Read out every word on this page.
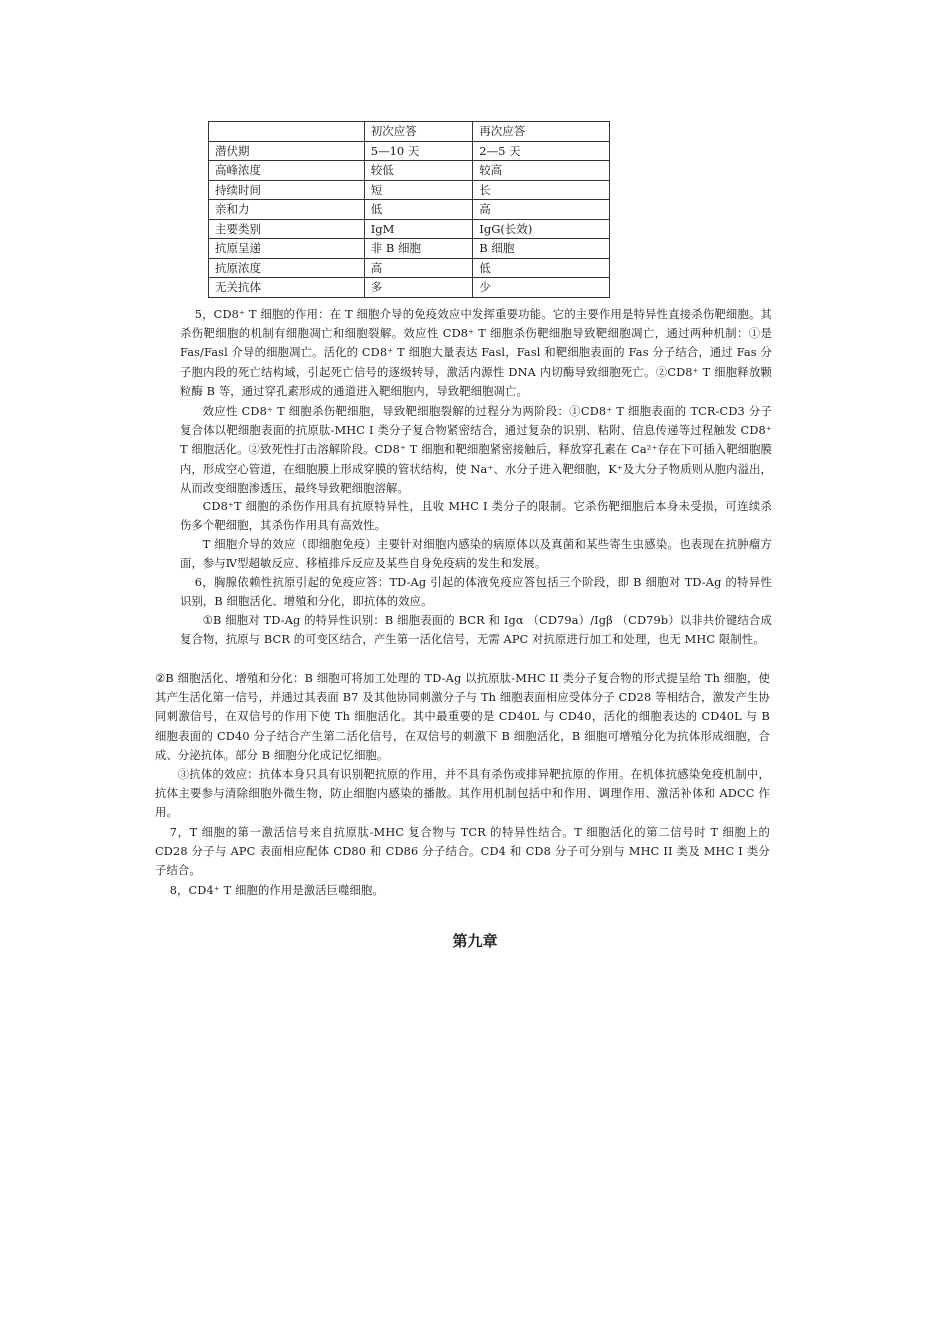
	初次应答	再次应答
潜伏期	5—10 天	2—5 天
高峰浓度	较低	较高
持续时间	短	长
亲和力	低	高
主要类别	IgM	IgG(长效)
抗原呈递	非 B 细胞	B 细胞
抗原浓度	高	低
无关抗体	多	少

5，CD8⁺ T 细胞的作用：在 T 细胞介导的免疫效应中发挥重要功能。它的主要作用是特异性直接杀伤靶细胞。其杀伤靶细胞的机制有细胞凋亡和细胞裂解。效应性 CD8⁺ T 细胞杀伤靶细胞导致靶细胞凋亡，通过两种机制：①是 Fas/Fasl 介导的细胞凋亡。活化的 CD8⁺ T 细胞大量表达 Fasl，Fasl 和靶细胞表面的 Fas 分子结合，通过 Fas 分子胞内段的死亡结构域，引起死亡信号的逐级转导，激活内源性 DNA 内切酶导致细胞死亡。②CD8⁺ T 细胞释放颗粒酶 B 等，通过穿孔素形成的通道进入靶细胞内，导致靶细胞凋亡。

效应性 CD8⁺ T 细胞杀伤靶细胞，导致靶细胞裂解的过程分为两阶段：①CD8⁺ T 细胞表面的 TCR-CD3 分子复合体以靶细胞表面的抗原肽-MHC I 类分子复合物紧密结合，通过复杂的识别、粘附、信息传递等过程触发 CD8⁺ T 细胞活化。②致死性打击溶解阶段。CD8⁺ T 细胞和靶细胞紧密接触后，释放穿孔素在 Ca²⁺存在下可插入靶细胞膜内，形成空心管道，在细胞膜上形成穿膜的管状结构，使 Na⁺、水分子进入靶细胞，K⁺及大分子物质则从胞内溢出，从而改变细胞渗透压，最终导致靶细胞溶解。

CD8⁺T 细胞的杀伤作用具有抗原特异性，且收 MHC I 类分子的限制。它杀伤靶细胞后本身未受损，可连续杀伤多个靶细胞，其杀伤作用具有高效性。

T 细胞介导的效应（即细胞免疫）主要针对细胞内感染的病原体以及真菌和某些寄生虫感染。也表现在抗肿瘤方面，参与Ⅳ型超敏反应、移植排斥反应及某些自身免疫病的发生和发展。

6，胸腺依赖性抗原引起的免疫应答：TD-Ag 引起的体液免疫应答包括三个阶段，即 B 细胞对 TD-Ag 的特异性识别，B 细胞活化、增殖和分化，即抗体的效应。

①B 细胞对 TD-Ag 的特异性识别：B 细胞表面的 BCR 和 Igα （CD79a）/Igβ （CD79b）以非共价键结合成复合物，抗原与 BCR 的可变区结合，产生第一活化信号，无需 APC 对抗原进行加工和处理，也无 MHC 限制性。

②B 细胞活化、增殖和分化：B 细胞可将加工处理的 TD-Ag 以抗原肽-MHC II 类分子复合物的形式提呈给 Th 细胞，使其产生活化第一信号，并通过其表面 B7 及其他协同刺激分子与 Th 细胞表面相应受体分子 CD28 等相结合，激发产生协同刺激信号，在双信号的作用下使 Th 细胞活化。其中最重要的是 CD40L 与 CD40，活化的细胞表达的 CD40L 与 B 细胞表面的 CD40 分子结合产生第二活化信号，在双信号的刺激下 B 细胞活化，B 细胞可增殖分化为抗体形成细胞，合成、分泌抗体。部分 B 细胞分化成记忆细胞。

③抗体的效应：抗体本身只具有识别靶抗原的作用，并不具有杀伤或排异靶抗原的作用。在机体抗感染免疫机制中，抗体主要参与清除细胞外微生物，防止细胞内感染的播散。其作用机制包括中和作用、调理作用、激活补体和 ADCC 作用。

7，T 细胞的第一激活信号来自抗原肽-MHC 复合物与 TCR 的特异性结合。T 细胞活化的第二信号时 T 细胞上的 CD28 分子与 APC 表面相应配体 CD80 和 CD86 分子结合。CD4 和 CD8 分子可分别与 MHC II 类及 MHC I 类分子结合。

8，CD4⁺ T 细胞的作用是激活巨噬细胞。

第九章
